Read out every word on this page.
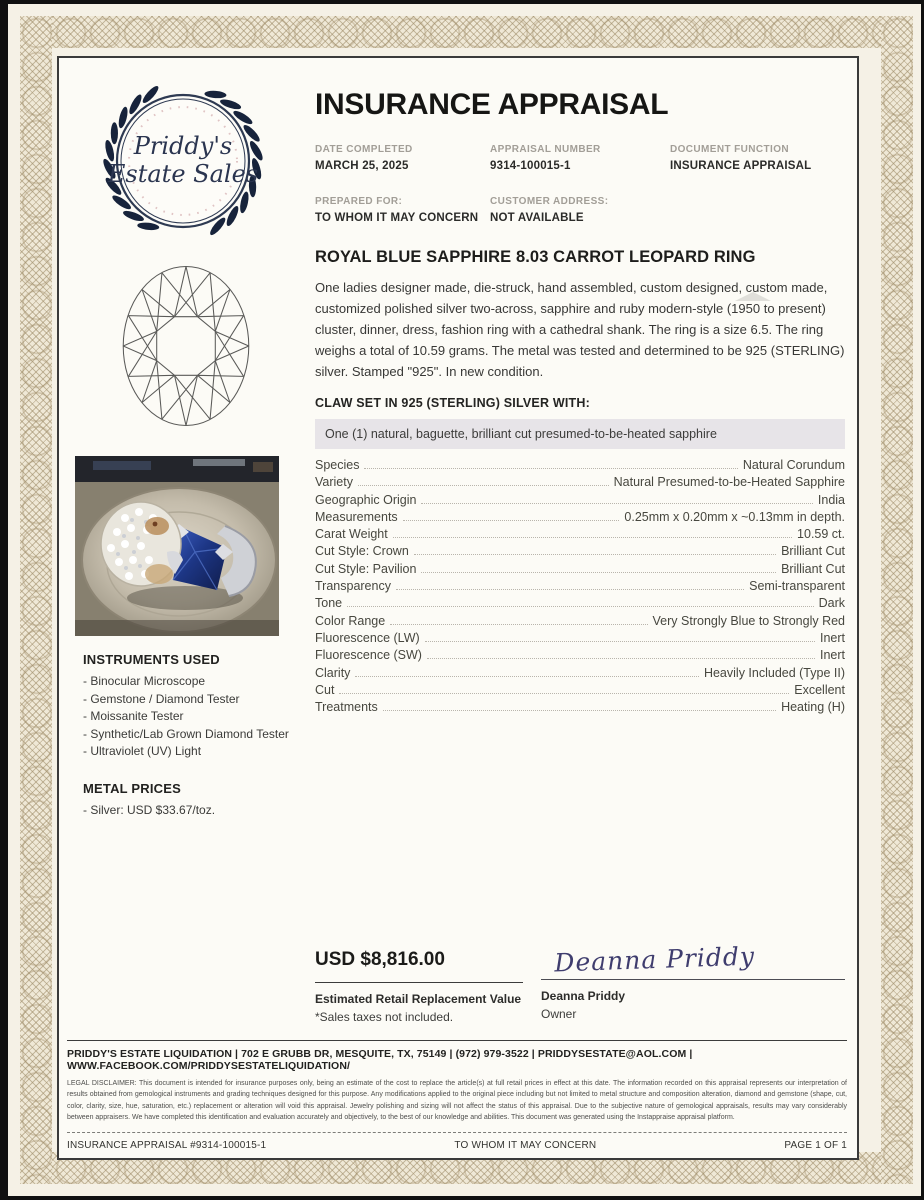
Priddy's
Estate Sales
INSTRUMENTS USED
- Binocular Microscope
- Gemstone / Diamond Tester
- Moissanite Tester
- Synthetic/Lab Grown Diamond Tester
- Ultraviolet (UV) Light
METAL PRICES
- Silver: USD $33.67/toz.
INSURANCE APPRAISAL
DATE COMPLETED
MARCH 25, 2025
APPRAISAL NUMBER
9314-100015-1
DOCUMENT FUNCTION
INSURANCE APPRAISAL
PREPARED FOR:
TO WHOM IT MAY CONCERN
CUSTOMER ADDRESS:
NOT AVAILABLE
ROYAL BLUE SAPPHIRE 8.03 CARROT LEOPARD RING
One ladies designer made, die-struck, hand assembled, custom designed, custom made, customized polished silver two-across, sapphire and ruby modern-style (1950 to present) cluster, dinner, dress, fashion ring with a cathedral shank. The ring is a size 6.5. The ring weighs a total of 10.59 grams. The metal was tested and determined to be 925 (STERLING) silver. Stamped "925". In new condition.
CLAW SET IN 925 (STERLING) SILVER WITH:
One (1) natural, baguette, brilliant cut presumed-to-be-heated sapphire
Species	Natural Corundum
Variety	Natural Presumed-to-be-Heated Sapphire
Geographic Origin	India
Measurements	0.25mm x 0.20mm x ~0.13mm in depth.
Carat Weight	10.59 ct.
Cut Style: Crown	Brilliant Cut
Cut Style: Pavilion	Brilliant Cut
Transparency	Semi-transparent
Tone	Dark
Color Range	Very Strongly Blue to Strongly Red
Fluorescence (LW)	Inert
Fluorescence (SW)	Inert
Clarity	Heavily Included (Type II)
Cut	Excellent
Treatments	Heating (H)
USD $8,816.00
Estimated Retail Replacement Value
*Sales taxes not included.
Deanna Priddy
Deanna Priddy
Owner
PRIDDY'S ESTATE LIQUIDATION | 702 E GRUBB DR, MESQUITE, TX, 75149 | (972) 979-3522 | PRIDDYSESTATE@AOL.COM | WWW.FACEBOOK.COM/PRIDDYSESTATELIQUIDATION/
LEGAL DISCLAIMER: This document is intended for insurance purposes only, being an estimate of the cost to replace the article(s) at full retail prices in effect at this date. The information recorded on this appraisal represents our interpretation of results obtained from gemological instruments and grading techniques designed for this purpose. Any modifications applied to the original piece including but not limited to metal structure and composition alteration, diamond and gemstone (shape, cut, color, clarity, size, hue, saturation, etc.) replacement or alteration will void this appraisal. Jewelry polishing and sizing will not affect the status of this appraisal. Due to the subjective nature of gemological appraisals, results may vary considerably between appraisers. We have completed this identification and evaluation accurately and objectively, to the best of our knowledge and abilities. This document was generated using the Instappraise appraisal platform.
INSURANCE APPRAISAL #9314-100015-1	TO WHOM IT MAY CONCERN	PAGE 1 OF 1
